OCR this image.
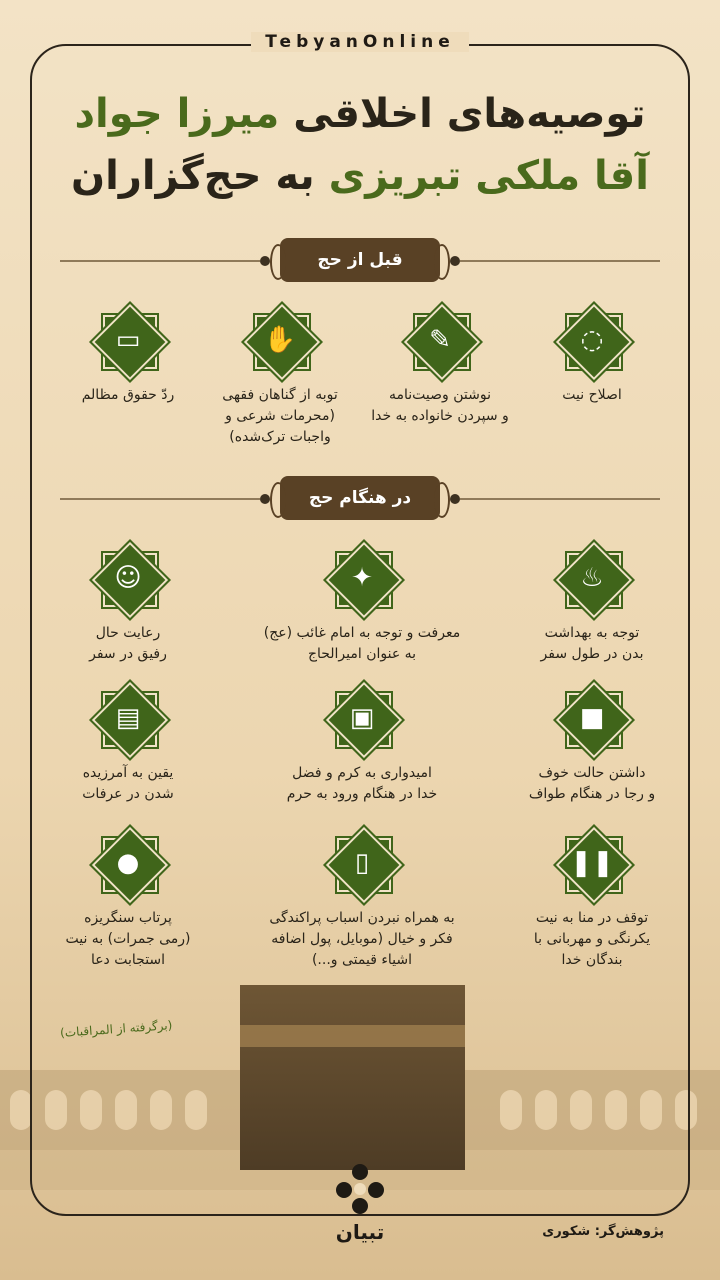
TebyanOnline
توصیه‌های اخلاقی میرزا جواد
آقا ملکی تبریزی به حج‌گزاران
قبل از حج
◌
اصلاح نیت
✎
نوشتن وصیت‌نامه
و سپردن خانواده به خدا
✋
توبه از گناهان فقهی
(محرمات شرعی و
واجبات ترک‌شده)
▭
ردّ حقوق مظالم
در هنگام حج
♨
توجه به بهداشت
بدن در طول سفر
✦
معرفت و توجه به امام غائب (عج)
به عنوان امیرالحاج
☺
رعایت حال
رفیق در سفر
■
داشتن حالت خوف
و رجا در هنگام طواف
▣
امیدواری به کرم و فضل
خدا در هنگام ورود به حرم
▤
یقین به آمرزیده
شدن در عرفات
❚❚
توقف در منا به نیت
یکرنگی و مهربانی با
بندگان خدا
▯
به همراه نبردن اسباب پراکندگی
فکر و خیال (موبایل، پول اضافه
اشیاء قیمتی و...)
●
پرتاب سنگریزه
(رمی جمرات) به نیت
استجابت دعا
(برگرفته از المراقبات)
تبیان	پژوهش‌گر: شکوری
